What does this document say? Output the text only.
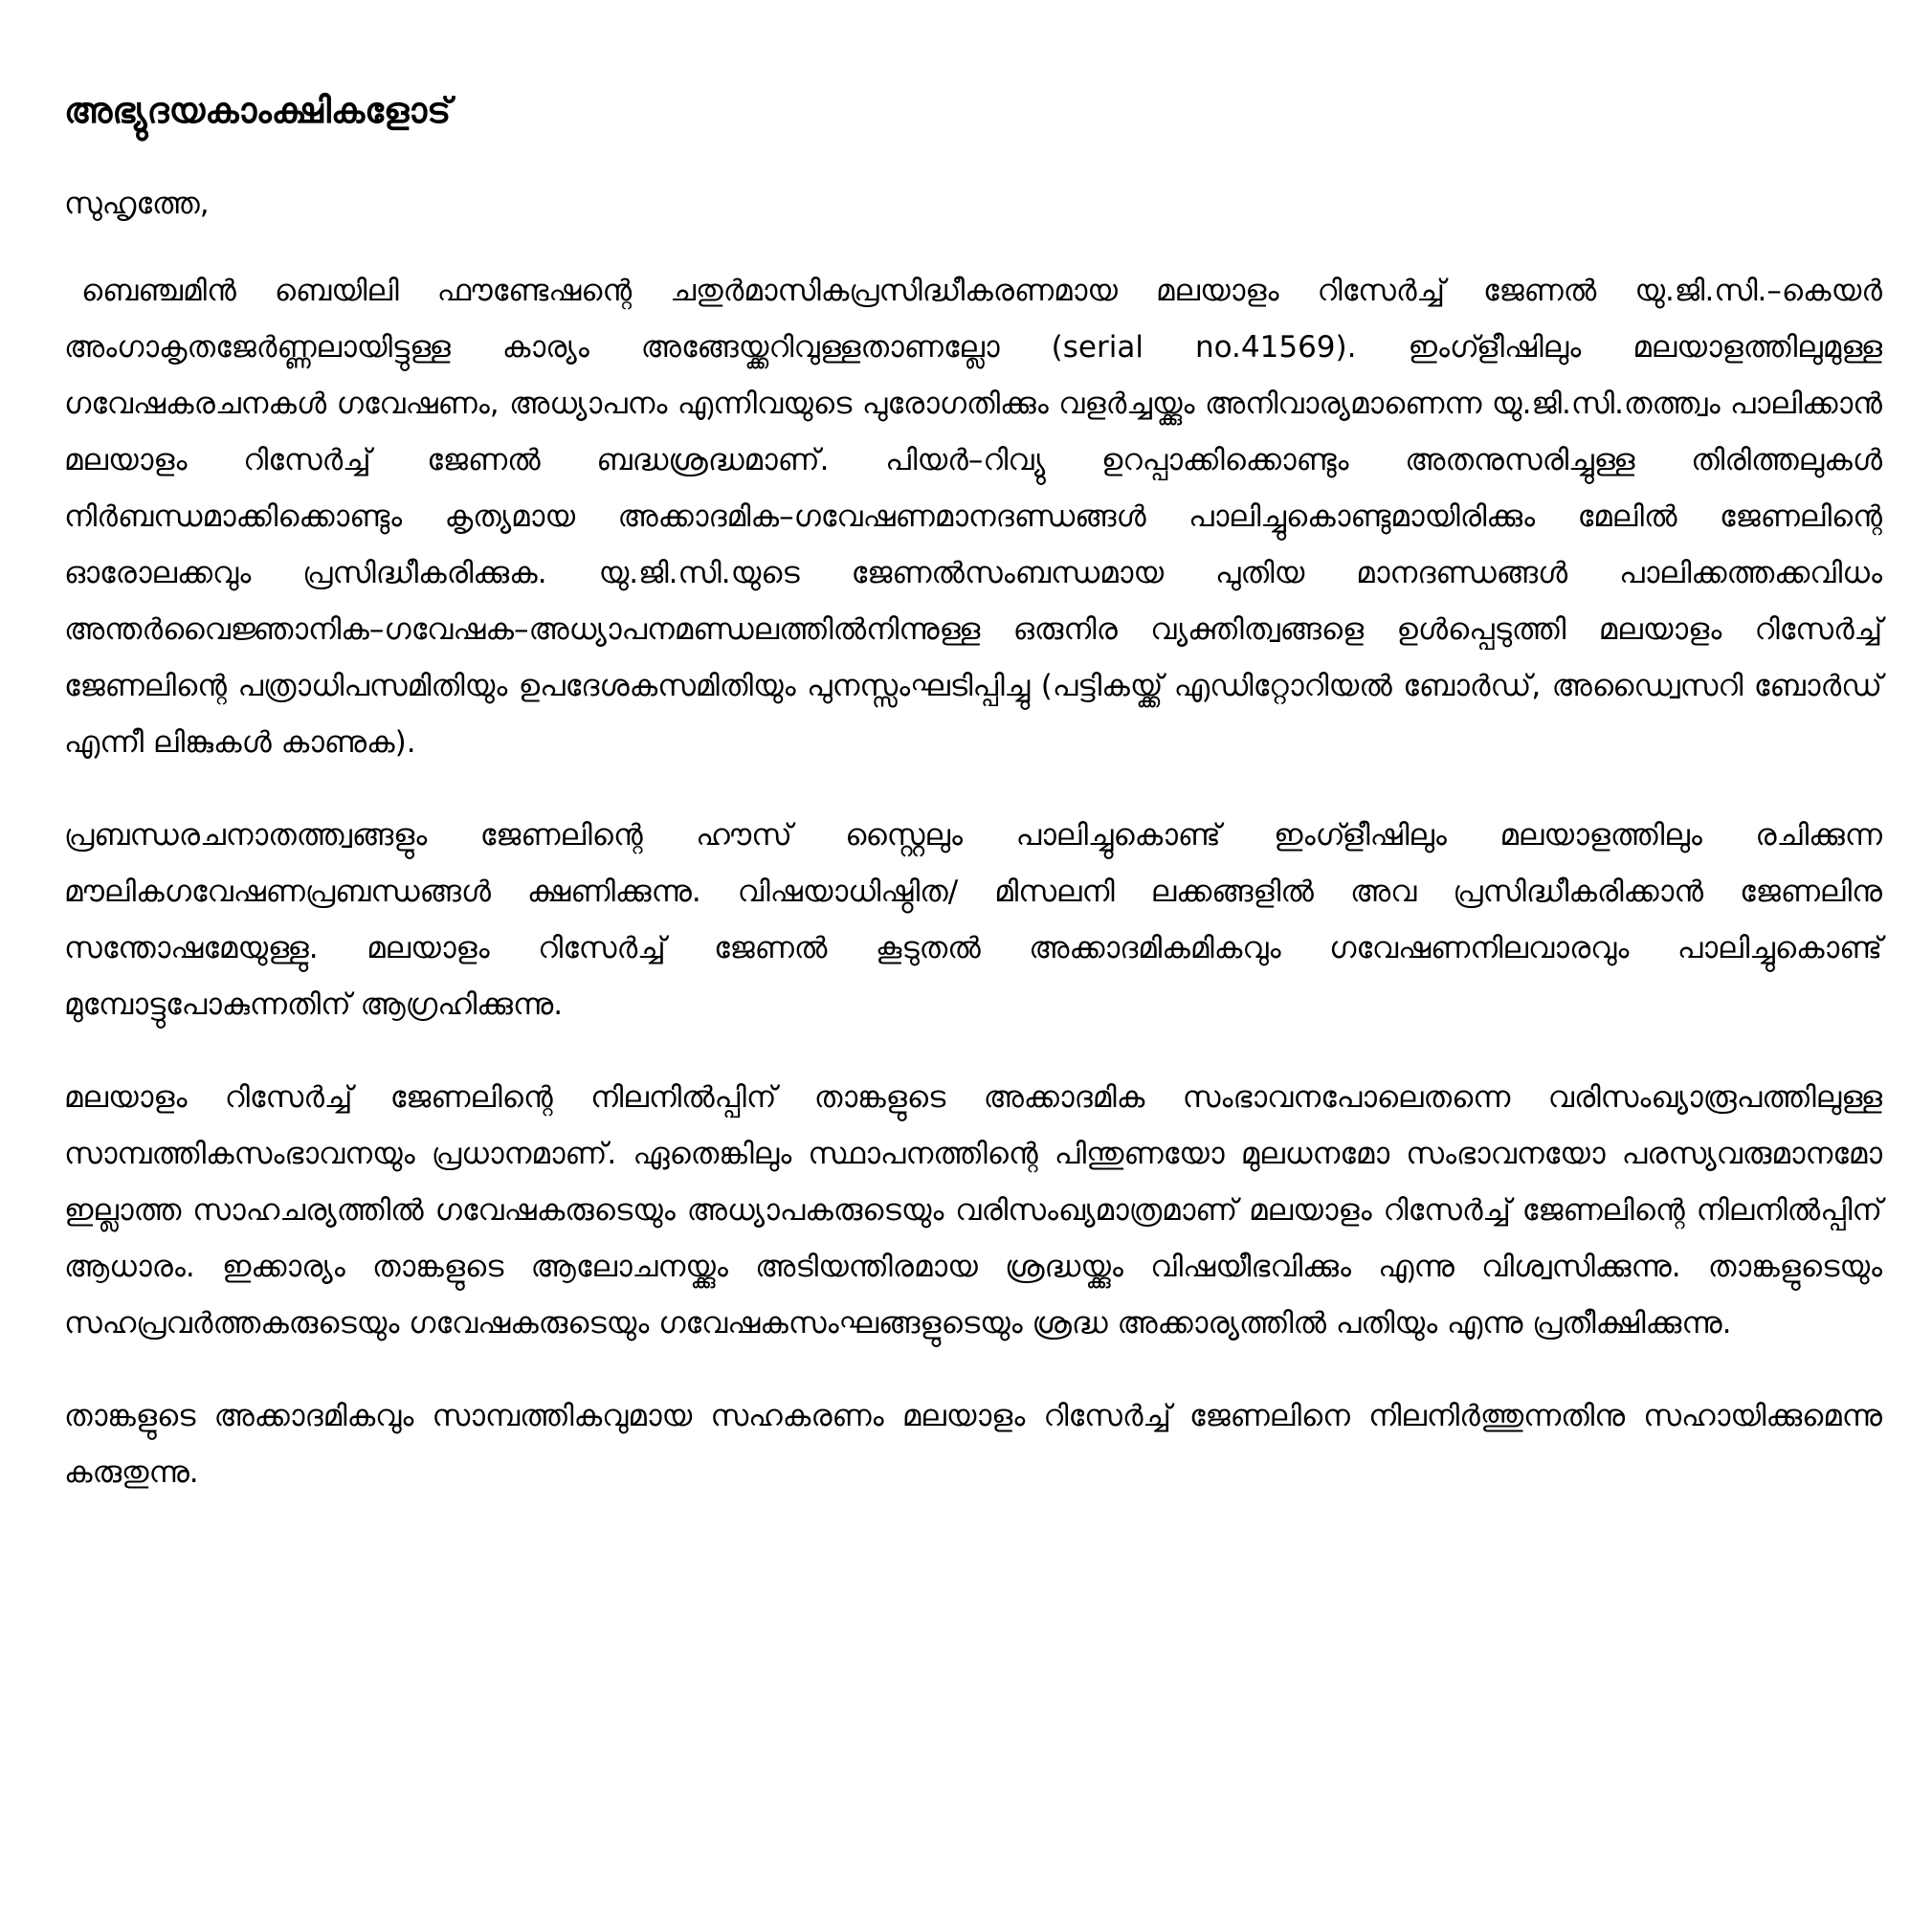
അഭ്യുദയകാംക്ഷികളോട്
സുഹൃത്തേ,

ബെഞ്ചമിൻ ബെയിലി ഫൗണ്ടേഷന്റെ ചതുർമാസികപ്രസിദ്ധീകരണമായ മലയാളം റിസേർച്ച് ജേണൽ യു.ജി.സി.–കെയർ അംഗാകൃതജേർണ്ണലായിട്ടുള്ള കാര്യം അങ്ങേയ്ക്കറിവുള്ളതാണല്ലോ (serial no.41569). ഇംഗ്ളീഷിലും മലയാളത്തിലുമുള്ള ഗവേഷകരചനകൾ ഗവേഷണം, അധ്യാപനം എന്നിവയുടെ പുരോഗതിക്കും വളർച്ചയ്ക്കും അനിവാര്യമാണെന്ന യു.ജി.സി.തത്ത്വം പാലിക്കാൻ മലയാളം റിസേർച്ച് ജേണൽ ബദ്ധശ്രദ്ധമാണ്. പിയർ–റിവ്യു ഉറപ്പാക്കിക്കൊണ്ടും അതനുസരിച്ചുള്ള തിരിത്തലുകൾ നിർബന്ധമാക്കിക്കൊണ്ടും കൃത്യമായ അക്കാദമിക–ഗവേഷണമാനദണ്ഡങ്ങൾ പാലിച്ചുകൊണ്ടുമായിരിക്കും മേലിൽ ജേണലിന്റെ ഓരോലക്കവും പ്രസിദ്ധീകരിക്കുക. യു.ജി.സി.യുടെ ജേണൽസംബന്ധമായ പുതിയ മാനദണ്ഡങ്ങൾ പാലിക്കത്തക്കവിധം അന്തർവൈജ്ഞാനിക–ഗവേഷക–അധ്യാപനമണ്ഡലത്തിൽനിന്നുള്ള ഒരുനിര വ്യക്തിത്വങ്ങളെ ഉൾപ്പെടുത്തി മലയാളം റിസേർച്ച് ജേണലിന്റെ പത്രാധിപസമിതിയും ഉപദേശകസമിതിയും പുനസ്സംഘടിപ്പിച്ചു (പട്ടികയ്ക്ക് എഡിറ്റോറിയൽ ബോർഡ്, അഡ്വൈസറി ബോർഡ് എന്നീ ലിങ്കുകൾ കാണുക).

പ്രബന്ധരചനാതത്ത്വങ്ങളും ജേണലിന്റെ ഹൗസ് സ്റ്റൈലും പാലിച്ചുകൊണ്ട് ഇംഗ്ളീഷിലും മലയാളത്തിലും രചിക്കുന്ന മൗലികഗവേഷണപ്രബന്ധങ്ങൾ ക്ഷണിക്കുന്നു. വിഷയാധിഷ്ഠിത/ മിസലനി ലക്കങ്ങളിൽ അവ പ്രസിദ്ധീകരിക്കാൻ ജേണലിനു സന്തോഷമേയുള്ളു. മലയാളം റിസേർച്ച് ജേണൽ കൂടുതൽ അക്കാദമികമികവും ഗവേഷണനിലവാരവും പാലിച്ചുകൊണ്ട് മുമ്പോട്ടുപോകുന്നതിന് ആഗ്രഹിക്കുന്നു.

മലയാളം റിസേർച്ച് ജേണലിന്റെ നിലനിൽപ്പിന് താങ്കളുടെ അക്കാദമിക സംഭാവനപോലെതന്നെ വരിസംഖ്യാരൂപത്തിലുള്ള സാമ്പത്തികസംഭാവനയും പ്രധാനമാണ്. ഏതെങ്കിലും സ്ഥാപനത്തിന്റെ പിന്തുണയോ മുലധനമോ സംഭാവനയോ പരസ്യവരുമാനമോ ഇല്ലാത്ത സാഹചര്യത്തിൽ ഗവേഷകരുടെയും അധ്യാപകരുടെയും വരിസംഖ്യമാത്രമാണ് മലയാളം റിസേർച്ച് ജേണലിന്റെ നിലനിൽപ്പിന് ആധാരം. ഇക്കാര്യം താങ്കളുടെ ആലോചനയ്ക്കും അടിയന്തിരമായ ശ്രദ്ധയ്ക്കും വിഷയീഭവിക്കും എന്നു വിശ്വസിക്കുന്നു. താങ്കളുടെയും സഹപ്രവർത്തകരുടെയും ഗവേഷകരുടെയും ഗവേഷകസംഘങ്ങളുടെയും ശ്രദ്ധ അക്കാര്യത്തിൽ പതിയും എന്നു പ്രതീക്ഷിക്കുന്നു.

താങ്കളുടെ അക്കാദമികവും സാമ്പത്തികവുമായ സഹകരണം മലയാളം റിസേർച്ച് ജേണലിനെ നിലനിർത്തുന്നതിനു സഹായിക്കുമെന്നു കരുതുന്നു.
